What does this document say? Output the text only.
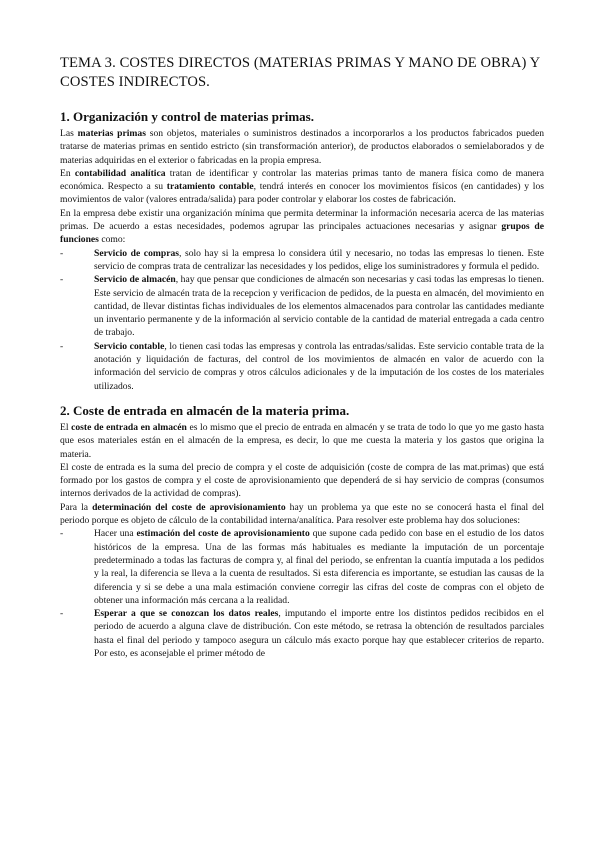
TEMA 3. COSTES DIRECTOS (MATERIAS PRIMAS Y MANO DE OBRA) Y COSTES INDIRECTOS.
1. Organización y control de materias primas.

Las materias primas son objetos, materiales o suministros destinados a incorporarlos a los productos fabricados pueden tratarse de materias primas en sentido estricto (sin transformación anterior), de productos elaborados o semielaborados y de materias adquiridas en el exterior o fabricadas en la propia empresa.

En contabilidad analítica tratan de identificar y controlar las materias primas tanto de manera física como de manera económica. Respecto a su tratamiento contable, tendrá interés en conocer los movimientos físicos (en cantidades) y los movimientos de valor (valores entrada/salida) para poder controlar y elaborar los costes de fabricación.

En la empresa debe existir una organización mínima que permita determinar la información necesaria acerca de las materias primas. De acuerdo a estas necesidades, podemos agrupar las principales actuaciones necesarias y asignar grupos de funciones como:

-	Servicio de compras, solo hay si la empresa lo considera útil y necesario, no todas las empresas lo tienen. Este servicio de compras trata de centralizar las necesidades y los pedidos, elige los suministradores y formula el pedido.
-	Servicio de almacén, hay que pensar que condiciones de almacén son necesarias y casi todas las empresas lo tienen. Este servicio de almacén trata de la recepcion y verificacion de pedidos, de la puesta en almacén, del movimiento en cantidad, de llevar distintas fichas individuales de los elementos almacenados para controlar las cantidades mediante un inventario permanente y de la información al servicio contable de la cantidad de material entregada a cada centro de trabajo.
-	Servicio contable, lo tienen casi todas las empresas y controla las entradas/salidas. Este servicio contable trata de la anotación y liquidación de facturas, del control de los movimientos de almacén en valor de acuerdo con la información del servicio de compras y otros cálculos adicionales y de la imputación de los costes de los materiales utilizados.
2. Coste de entrada en almacén de la materia prima.

El coste de entrada en almacén es lo mismo que el precio de entrada en almacén y se trata de todo lo que yo me gasto hasta que esos materiales están en el almacén de la empresa, es decir, lo que me cuesta la materia y los gastos que origina la materia.

El coste de entrada es la suma del precio de compra y el coste de adquisición (coste de compra de las mat.primas) que está formado por los gastos de compra y el coste de aprovisionamiento que dependerá de si hay servicio de compras (consumos internos derivados de la actividad de compras).

Para la determinación del coste de aprovisionamiento hay un problema ya que este no se conocerá hasta el final del periodo porque es objeto de cálculo de la contabilidad interna/analítica. Para resolver este problema hay dos soluciones:

-	Hacer una estimación del coste de aprovisionamiento que supone cada pedido con base en el estudio de los datos históricos de la empresa. Una de las formas más habituales es mediante la imputación de un porcentaje predeterminado a todas las facturas de compra y, al final del periodo, se enfrentan la cuantía imputada a los pedidos y la real, la diferencia se lleva a la cuenta de resultados. Si esta diferencia es importante, se estudian las causas de la diferencia y si se debe a una mala estimación conviene corregir las cifras del coste de compras con el objeto de obtener una información más cercana a la realidad.
-	Esperar a que se conozcan los datos reales, imputando el importe entre los distintos pedidos recibidos en el periodo de acuerdo a alguna clave de distribución. Con este método, se retrasa la obtención de resultados parciales hasta el final del periodo y tampoco asegura un cálculo más exacto porque hay que establecer criterios de reparto. Por esto, es aconsejable el primer método de
